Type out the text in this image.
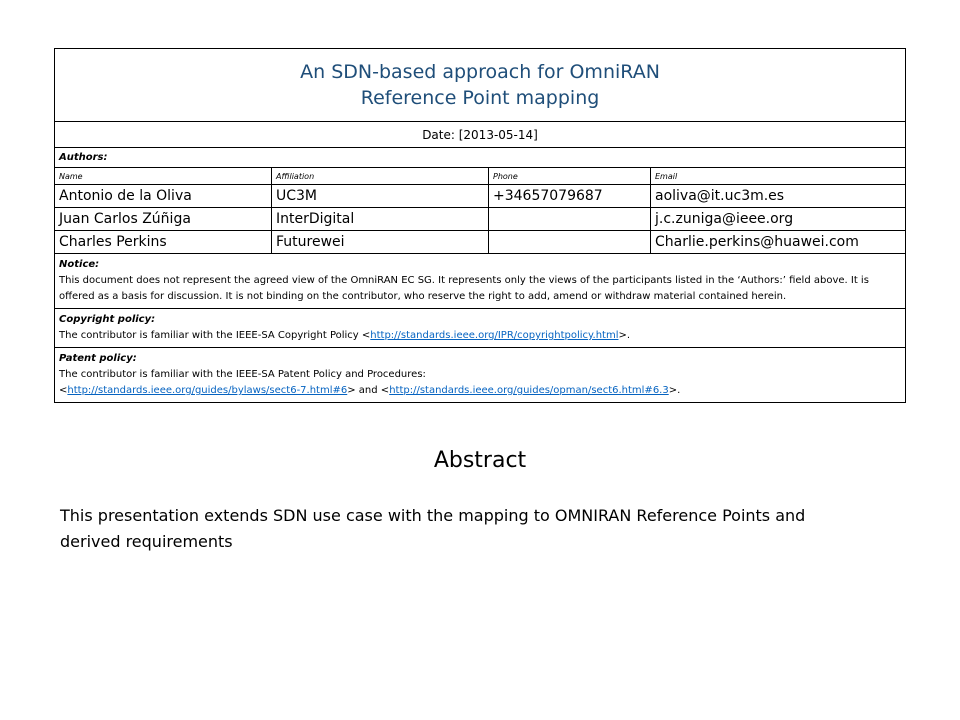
An SDN-based approach for OmniRAN
Reference Point mapping			

Date: [2013-05-14]			
Authors:			
Name	Affiliation	Phone	Email
Antonio de la Oliva	UC3M	+34657079687	aoliva@it.uc3m.es
Juan Carlos Zúñiga	InterDigital		j.c.zuniga@ieee.org
Charles Perkins	Futurewei		Charlie.perkins@huawei.com

Notice:
This document does not represent the agreed view of the OmniRAN EC SG. It represents only the views of the participants listed in the ‘Authors:’ field above. It is offered as a basis for discussion. It is not binding on the contributor, who reserve the right to add, amend or withdraw material contained herein.			

Copyright policy:
The contributor is familiar with the IEEE-SA Copyright Policy <http://standards.ieee.org/IPR/copyrightpolicy.html>.			

Patent policy:
The contributor is familiar with the IEEE-SA Patent Policy and Procedures:
<http://standards.ieee.org/guides/bylaws/sect6-7.html#6> and <http://standards.ieee.org/guides/opman/sect6.html#6.3>.			
Abstract
This presentation extends SDN use case with the mapping to OMNIRAN Reference Points and derived requirements
